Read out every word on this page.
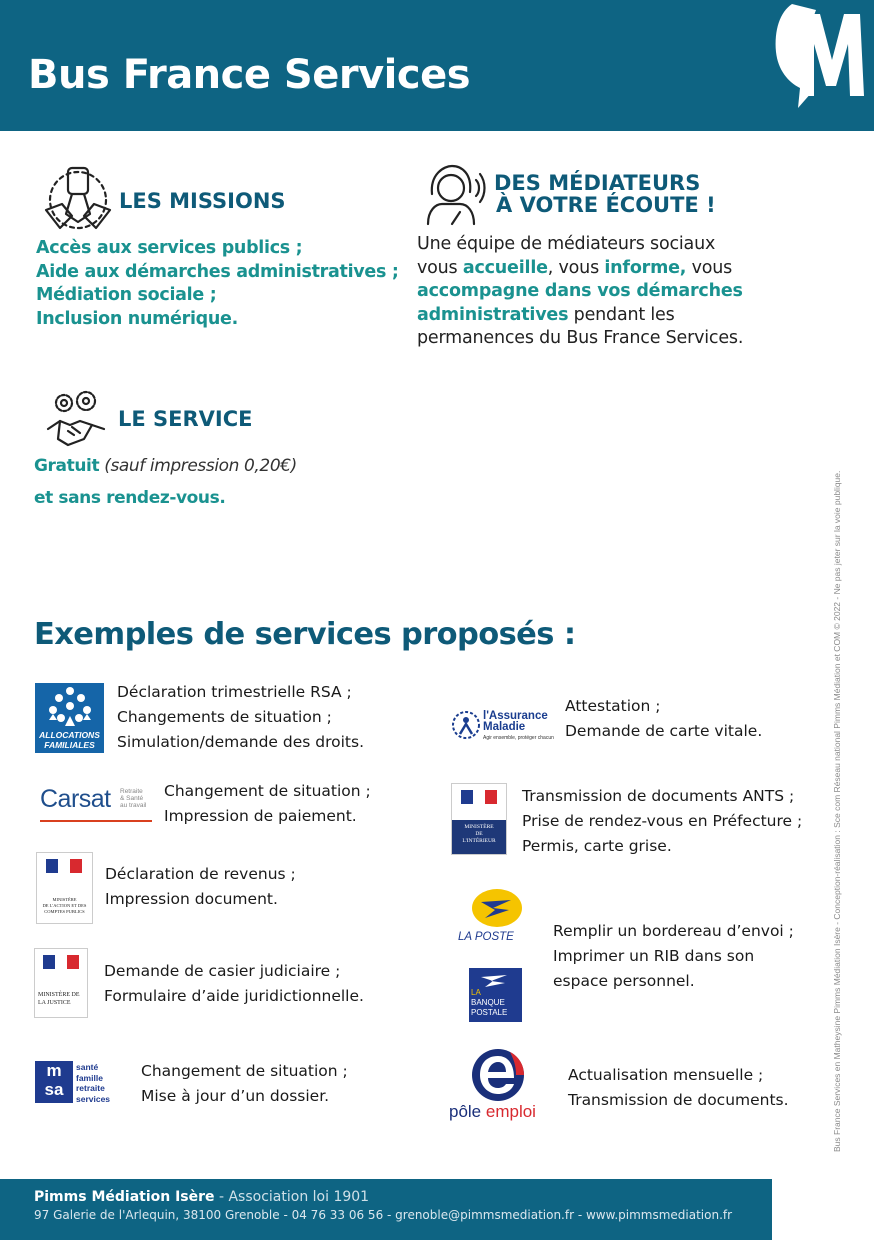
Bus France Services
LES MISSIONS
Accès aux services publics ;
Aide aux démarches administratives ;
Médiation sociale ;
Inclusion numérique.
DES MÉDIATEURS
À VOTRE ÉCOUTE !
Une équipe de médiateurs sociaux
vous accueille, vous informe, vous
accompagne dans vos démarches
administratives pendant les
permanences du Bus France Services.
LE SERVICE
Gratuit (sauf impression 0,20€)
et sans rendez-vous.
Exemples de services proposés :
ALLOCATIONS
FAMILIALES
Déclaration trimestrielle RSA ;
Changements de situation ;
Simulation/demande des droits.
l'Assurance
Maladie
Agir ensemble, protéger chacun
Attestation ;
Demande de carte vitale.
Carsat Retraite
& Santé
au travail
Changement de situation ;
Impression de paiement.
MINISTÈRE
DE
L'INTÉRIEUR
Transmission de documents ANTS ;
Prise de rendez-vous en Préfecture ;
Permis, carte grise.
MINISTÈRE
DE L'ACTION ET DES
COMPTES PUBLICS
Déclaration de revenus ;
Impression document.
LA POSTE
LA
BANQUE
POSTALE
Remplir un bordereau d’envoi ;
Imprimer un RIB dans son
espace personnel.
MINISTÈRE DE
LA JUSTICE
Demande de casier judiciaire ;
Formulaire d’aide juridictionnelle.
m
sa
santé
famille
retraite
services
Changement de situation ;
Mise à jour d’un dossier.
pôle emploi
Actualisation mensuelle ;
Transmission de documents.	Bus France Services en Matheysine Pimms Médiation Isère - Conception-réalisation : Sce com Réseau national Pimms Médiation et COM © 2022 - Ne pas jeter sur la voie publique.
Pimms Médiation Isère - Association loi 1901
97 Galerie de l'Arlequin, 38100 Grenoble - 04 76 33 06 56 - grenoble@pimmsmediation.fr - www.pimmsmediation.fr
